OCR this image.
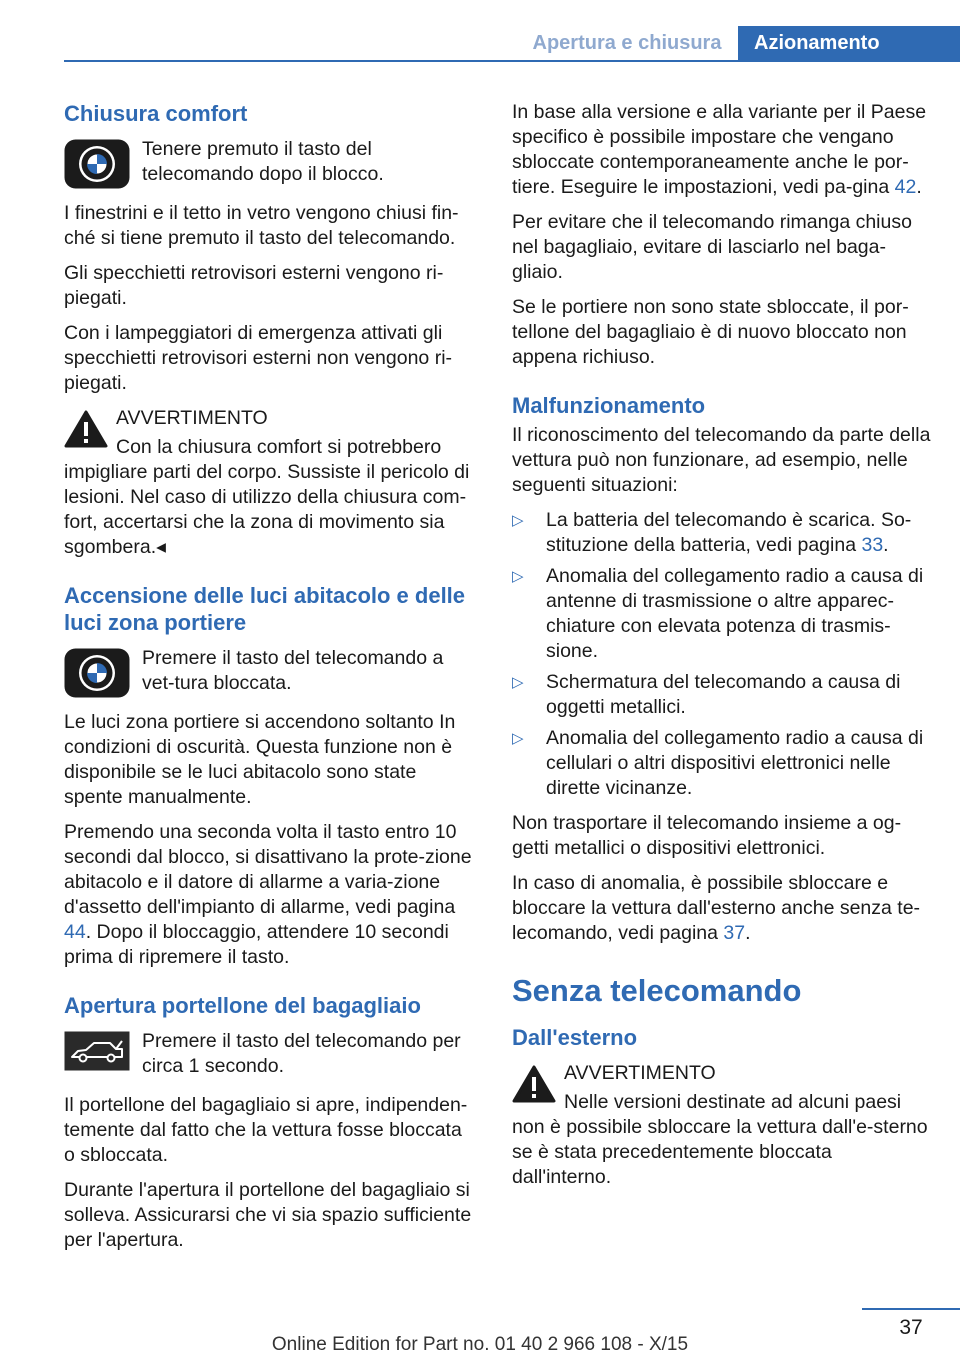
Apertura e chiusura	Azionamento
Chiusura comfort
Tenere premuto il tasto del telecomando dopo il blocco.

I finestrini e il tetto in vetro vengono chiusi fin-ché si tiene premuto il tasto del telecomando.

Gli specchietti retrovisori esterni vengono ri-piegati.

Con i lampeggiatori di emergenza attivati gli specchietti retrovisori esterni non vengono ri-piegati.

AVVERTIMENTO

Con la chiusura comfort si potrebbero impigliare parti del corpo. Sussiste il pericolo di lesioni. Nel caso di utilizzo della chiusura com-fort, accertarsi che la zona di movimento sia sgombera.◂

Accensione delle luci abitacolo e delle luci zona portiere
Premere il tasto del telecomando a vet-tura bloccata.

Le luci zona portiere si accendono soltanto In condizioni di oscurità. Questa funzione non è disponibile se le luci abitacolo sono state spente manualmente.

Premendo una seconda volta il tasto entro 10 secondi dal blocco, si disattivano la prote-zione abitacolo e il datore di allarme a varia-zione d'assetto dell'impianto di allarme, vedi pagina 44. Dopo il bloccaggio, attendere 10 secondi prima di ripremere il tasto.

Apertura portellone del bagagliaio
Premere il tasto del telecomando per circa 1 secondo.

Il portellone del bagagliaio si apre, indipenden-temente dal fatto che la vettura fosse bloccata o sbloccata.

Durante l'apertura il portellone del bagagliaio si solleva. Assicurarsi che vi sia spazio sufficiente per l'apertura.

In base alla versione e alla variante per il Paese specifico è possibile impostare che vengano sbloccate contemporaneamente anche le por-tiere. Eseguire le impostazioni, vedi pa-gina 42.

Per evitare che il telecomando rimanga chiuso nel bagagliaio, evitare di lasciarlo nel baga-gliaio.

Se le portiere non sono state sbloccate, il por-tellone del bagagliaio è di nuovo bloccato non appena richiuso.

Malfunzionamento

Il riconoscimento del telecomando da parte della vettura può non funzionare, ad esempio, nelle seguenti situazioni:

▷ La batteria del telecomando è scarica. So-stituzione della batteria, vedi pagina 33.
▷ Anomalia del collegamento radio a causa di antenne di trasmissione o altre apparec-chiature con elevata potenza di trasmis-sione.
▷ Schermatura del telecomando a causa di oggetti metallici.
▷ Anomalia del collegamento radio a causa di cellulari o altri dispositivi elettronici nelle dirette vicinanze.

Non trasportare il telecomando insieme a og-getti metallici o dispositivi elettronici.

In caso di anomalia, è possibile sbloccare e bloccare la vettura dall'esterno anche senza te-lecomando, vedi pagina 37.

Senza telecomando
Dall'esterno

AVVERTIMENTO

Nelle versioni destinate ad alcuni paesi non è possibile sbloccare la vettura dall'e-sterno se è stata precedentemente bloccata dall'interno.

37
Online Edition for Part no. 01 40 2 966 108 - X/15
